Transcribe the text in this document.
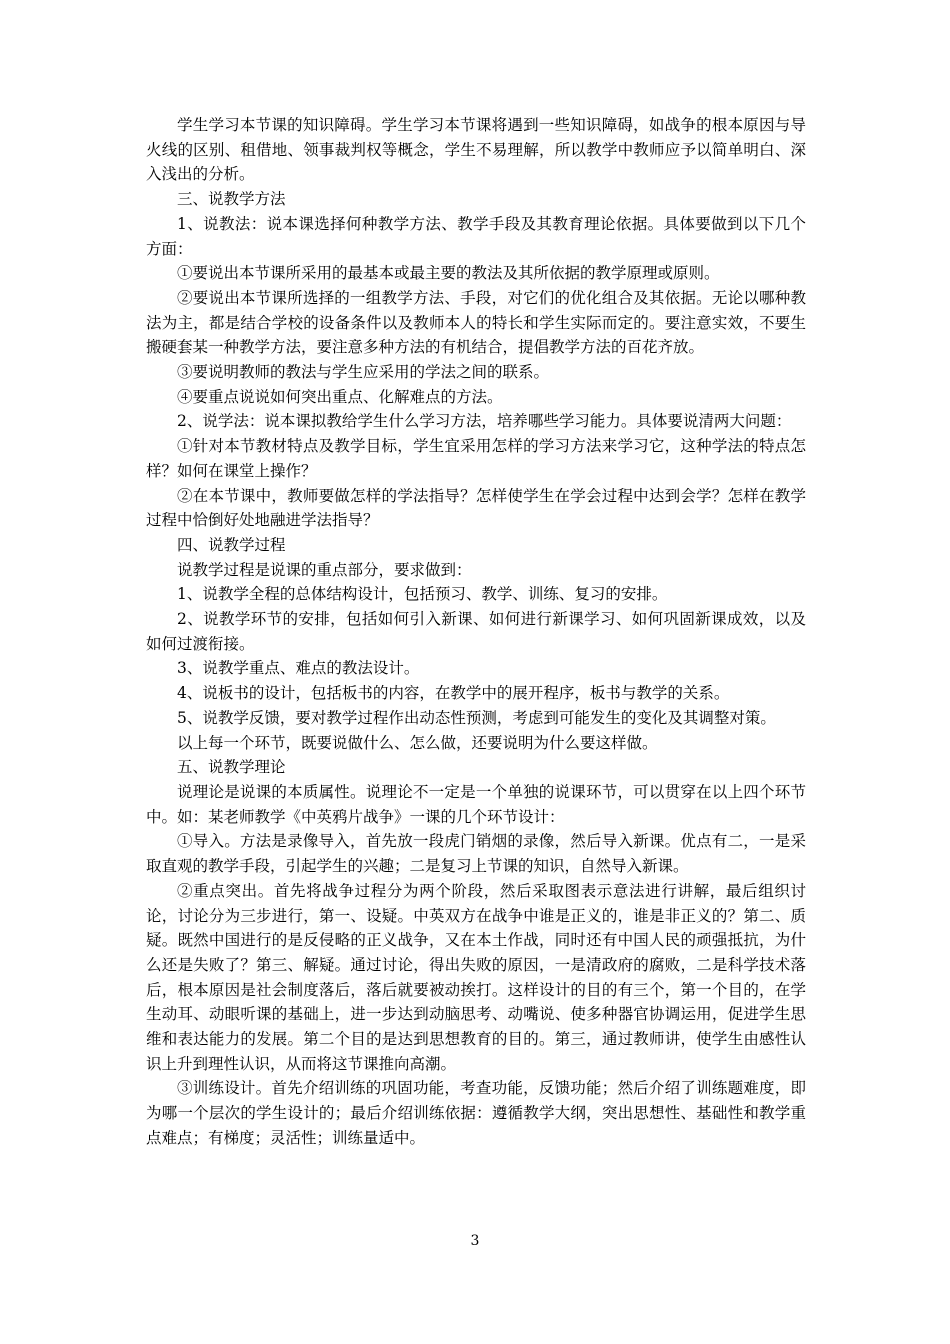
学生学习本节课的知识障碍。学生学习本节课将遇到一些知识障碍，如战争的根本原因与导火线的区别、租借地、领事裁判权等概念，学生不易理解，所以教学中教师应予以简单明白、深入浅出的分析。

三、说教学方法

1、说教法：说本课选择何种教学方法、教学手段及其教育理论依据。具体要做到以下几个方面：

①要说出本节课所采用的最基本或最主要的教法及其所依据的教学原理或原则。

②要说出本节课所选择的一组教学方法、手段，对它们的优化组合及其依据。无论以哪种教法为主，都是结合学校的设备条件以及教师本人的特长和学生实际而定的。要注意实效，不要生搬硬套某一种教学方法，要注意多种方法的有机结合，提倡教学方法的百花齐放。

③要说明教师的教法与学生应采用的学法之间的联系。

④要重点说说如何突出重点、化解难点的方法。

2、说学法：说本课拟教给学生什么学习方法，培养哪些学习能力。具体要说清两大问题：

①针对本节教材特点及教学目标，学生宜采用怎样的学习方法来学习它，这种学法的特点怎样？如何在课堂上操作？

②在本节课中，教师要做怎样的学法指导？怎样使学生在学会过程中达到会学？怎样在教学过程中恰倒好处地融进学法指导？

四、说教学过程

说教学过程是说课的重点部分，要求做到：

1、说教学全程的总体结构设计，包括预习、教学、训练、复习的安排。

2、说教学环节的安排，包括如何引入新课、如何进行新课学习、如何巩固新课成效，以及如何过渡衔接。

3、说教学重点、难点的教法设计。

4、说板书的设计，包括板书的内容，在教学中的展开程序，板书与教学的关系。

5、说教学反馈，要对教学过程作出动态性预测，考虑到可能发生的变化及其调整对策。

以上每一个环节，既要说做什么、怎么做，还要说明为什么要这样做。

五、说教学理论

说理论是说课的本质属性。说理论不一定是一个单独的说课环节，可以贯穿在以上四个环节中。如：某老师教学《中英鸦片战争》一课的几个环节设计：

①导入。方法是录像导入，首先放一段虎门销烟的录像，然后导入新课。优点有二，一是采取直观的教学手段，引起学生的兴趣；二是复习上节课的知识，自然导入新课。

②重点突出。首先将战争过程分为两个阶段，然后采取图表示意法进行讲解，最后组织讨论，讨论分为三步进行，第一、设疑。中英双方在战争中谁是正义的，谁是非正义的？第二、质疑。既然中国进行的是反侵略的正义战争，又在本土作战，同时还有中国人民的顽强抵抗，为什么还是失败了？第三、解疑。通过讨论，得出失败的原因，一是清政府的腐败，二是科学技术落后，根本原因是社会制度落后，落后就要被动挨打。这样设计的目的有三个，第一个目的，在学生动耳、动眼听课的基础上，进一步达到动脑思考、动嘴说、使多种器官协调运用，促进学生思维和表达能力的发展。第二个目的是达到思想教育的目的。第三，通过教师讲，使学生由感性认识上升到理性认识，从而将这节课推向高潮。

③训练设计。首先介绍训练的巩固功能，考查功能，反馈功能；然后介绍了训练题难度，即为哪一个层次的学生设计的；最后介绍训练依据：遵循教学大纲，突出思想性、基础性和教学重点难点；有梯度；灵活性；训练量适中。

3
